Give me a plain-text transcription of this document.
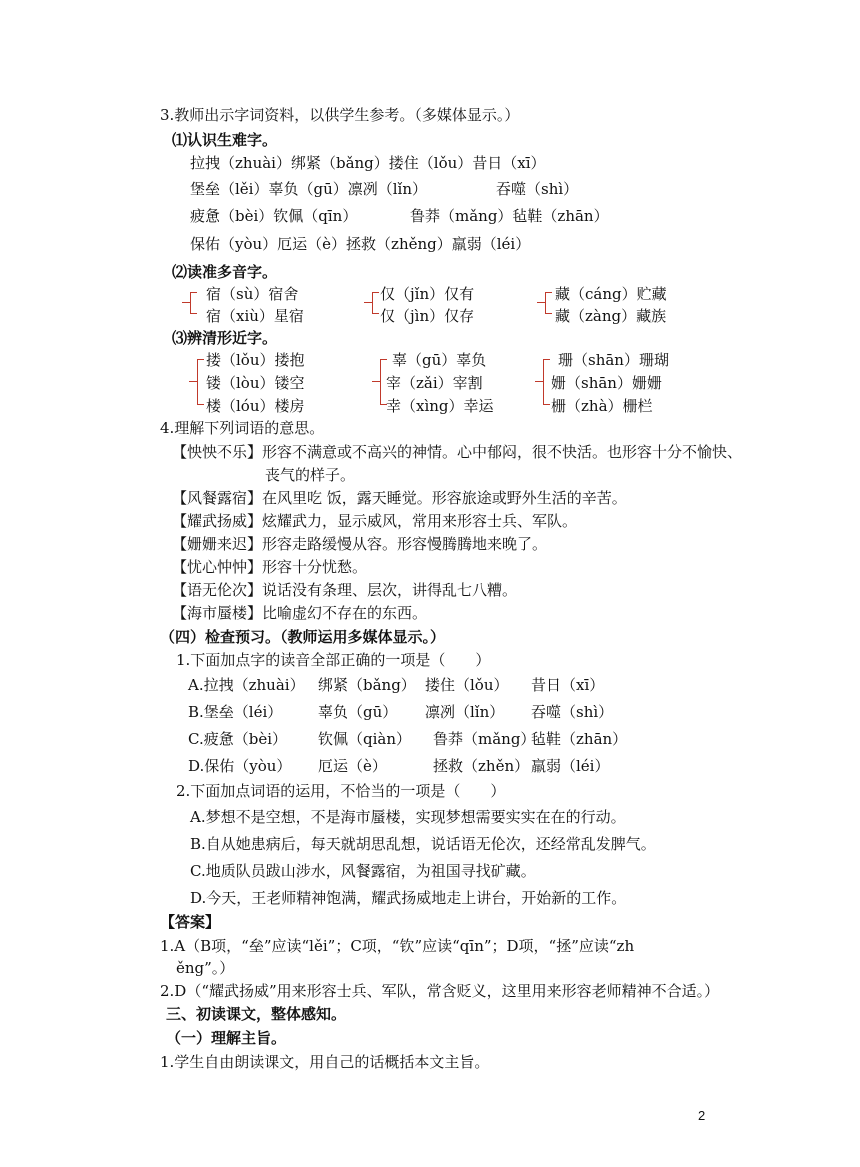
3.教师出示字词资料，以供学生参考。（多媒体显示。）
⑴认识生难字。
拉拽（zhuài）绑紧（bǎng）搂住（lǒu）昔日（xī）
堡垒（lěi）辜负（gū）凛冽（lǐn）	吞噬（shì）
疲惫（bèi）钦佩（qīn）	鲁莽（mǎng）毡鞋（zhān）
保佑（yòu）厄运（è）拯救（zhěng）羸弱（léi）
⑵读准多音字。
宿（sù）宿舍
宿（xiù）星宿
仅（jǐn）仅有
仅（jìn）仅存
藏（cáng）贮藏
藏（zàng）藏族
⑶辨清形近字。
搂（lǒu）搂抱
镂（lòu）镂空
楼（lóu）楼房
辜（gū）辜负
宰（zǎi）宰割
幸（xìng）幸运
珊（shān）珊瑚
姗（shān）姗姗
栅（zhà）栅栏
4.理解下列词语的意思。
【怏怏不乐】形容不满意或不高兴的神情。心中郁闷，很不快活。也形容十分不愉快、
丧气的样子。
【风餐露宿】在风里吃 饭，露天睡觉。形容旅途或野外生活的辛苦。
【耀武扬威】炫耀武力，显示威风，常用来形容士兵、军队。
【姗姗来迟】形容走路缓慢从容。形容慢腾腾地来晚了。
【忧心忡忡】形容十分忧愁。
【语无伦次】说话没有条理、层次，讲得乱七八糟。
【海市蜃楼】比喻虚幻不存在的东西。
（四）检查预习。（教师运用多媒体显示。）
1.下面加点字的读音全部正确的一项是（　　）
A.拉拽（zhuài） 绑紧（bǎng） 搂住（lǒu） 昔日（xī）
B.堡垒（léi） 辜负（gū） 凛冽（lǐn） 吞噬（shì）
C.疲惫（bèi） 钦佩（qiàn） 鲁莽（mǎng）
毡鞋（zhān）
D.保佑（yòu） 厄运（è）	拯救（zhěn） 羸弱（léi）
2.下面加点词语的运用，不恰当的一项是（　　）
A.梦想不是空想，不是海市蜃楼，实现梦想需要实实在在的行动。
B.自从她患病后，每天就胡思乱想，说话语无伦次，还经常乱发脾气。
C.地质队员跋山涉水，风餐露宿，为祖国寻找矿藏。
D.今天，王老师精神饱满，耀武扬威地走上讲台，开始新的工作。
【答案】
1.A（B项，“垒”应读“lěi”；C项，“钦”应读“qīn”；D项，“拯”应读“zh
ěng”。）
2.D（“耀武扬威”用来形容士兵、军队，常含贬义，这里用来形容老师精神不合适。）
三、初读课文，整体感知。
（一）理解主旨。
1.学生自由朗读课文，用自己的话概括本文主旨。
2
